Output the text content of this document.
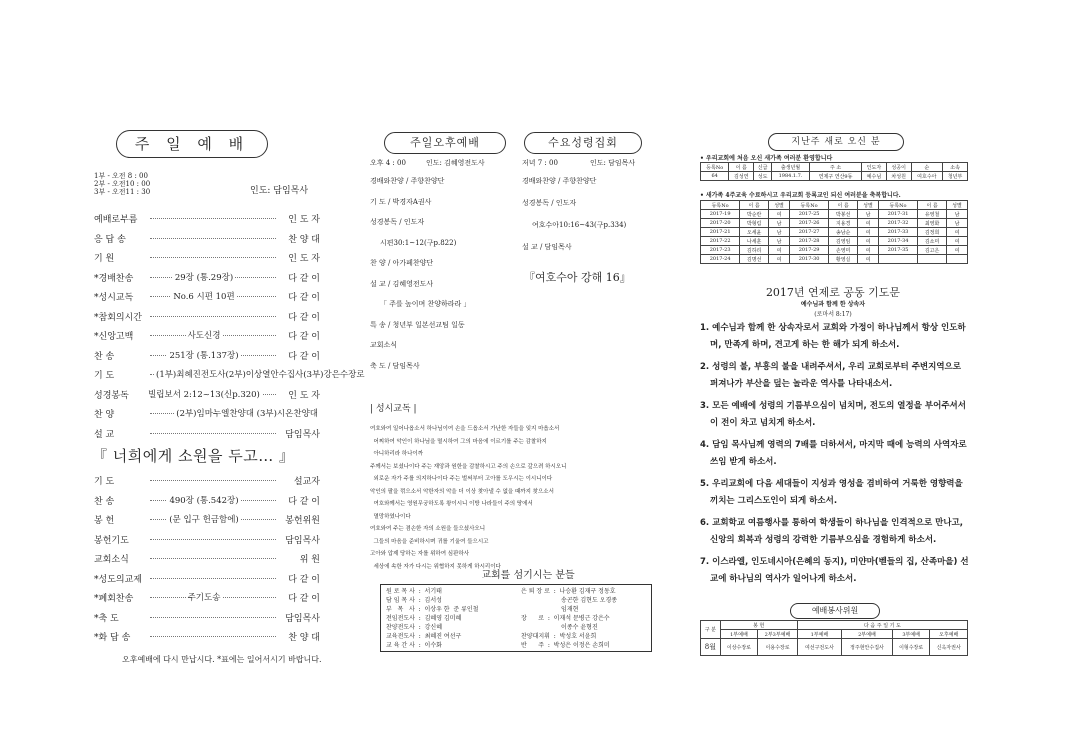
주 일 예 배
1부 - 오전 8 : 00
2부 - 오전10 : 00
3부 - 오전11 : 30	인도: 담임목사
예배로부름	인 도 자
응 답 송	찬 양 대
기 원	인 도 자
*경배찬송	29장 (통.29장)	다 같 이
*성시교독	No.6 시편 10편	다 같 이
*참회의시간	다 같 이
*신앙고백	사도신경	다 같 이
찬 송	251장 (통.137장)	다 같 이
기 도	(1부)최혜진전도사(2부)이상열안수집사(3부)강은수장로
성경봉독	빌립보서 2:12~13(신p.320)	인 도 자
찬 양	(2부)임마누엘찬양대 (3부)시온찬양대
설 교	담임목사
『 너희에게 소원을 두고… 』
기 도	설교자
찬 송	490장 (통.542장)	다 같 이
봉 헌	(문 입구 헌금함에)	봉헌위원
봉헌기도	담임목사
교회소식	위 원
*성도의교제	다 같 이
*폐회찬송	주기도송	다 같 이
*축 도	담임목사
*화 답 송	찬 양 대
오후예배에 다시 만납시다. *표에는 일어서시기 바랍니다.
주일오후예배
오후 4 : 00	인도: 김혜영전도사
경배와찬양 / 주향찬양단
기 도 / 박경자A권사
성경봉독 / 인도자
시편30:1~12(구p.822)
찬 양 / 아가페찬양단
설 교 / 김혜영전도사
「 주를 높이며 찬양하라라 」
특 송 / 청년부 일본선교팀 일동
교회소식
축 도 / 담임목사
| 성시교독 |
여호와여 일어나옵소서 하나님이여 손을 드옵소서 가난한 자들을 잊지 마옵소서
어찌하여 악인이 하나님을 멸시하여 그의 마음에 이르기를 주는 감찰하지
아니하리라 하나이까
주께서는 보셨나이다 주는 재앙과 원한을 감찰하시고 주의 손으로 갚으려 하시오니
외로운 자가 주를 의지하나이다 주는 벌써부터 고아를 도우시는 이시니이다
악인의 팔을 꺾으소서 악한자의 악을 더 이상 찾아낼 수 없을 때까지 찾으소서
여호와께서는 영원무궁하도록 왕이시니 이방 나라들이 주의 땅에서
멸망하였나이다
여호와여 주는 겸손한 자의 소원을 들으셨사오니
그들의 마음을 준비하시며 귀를 기울여 들으시고
고아와 압제 당하는 자를 위하여 심판하사
세상에 속한 자가 다시는 위협하지 못하게 하시리이다
교회를 섬기시는 분들
원 로 목 사  :  서기태
담 임 목 사  :  김서성
부   목   사  :  이상우 한  준 류인철
전임전도사  :  김혜영 김미혜
찬양전도사  :  강신혜
교육전도사  :  최혜진 여선구
교 육 간 사  :  이수화
은 퇴 장 로  :  나승환 김재구 정동호
송곤한 김현도 오경종
임재현
장      로  :  이재석 문병근 강은수
이종수 윤형진
찬양대지휘  :  박성호 서윤희
반      주  :  박성은 이정은 손희미
수요성령집회
저녁 7 : 00	인도: 담임목사
경배와찬양 / 주향찬양단
성경봉독 / 인도자
여호수아10:16~43(구p.334)
설 교 / 담임목사
『여호수아 강해 16』
지난주 새로 오신 분
• 우리교회에 처음 오신 새가족 여러분 환영합니다
등록No	이 름	신급	출생년월	주 소	인도자	성공이	순	소속
64	김성연	성도	1984.1.7.	연제구 연산9동	예수님	차성원	여호수아	청년부
• 새가족 4주교육 수료하시고 우리교회 등록교인 되신 여러분을 축복합니다.
등록No	이 름	성별	등록No	이 름	성별	등록No	이 름	성별
2017-19	박순란	여	2017-25	박봉선	남	2017-31	유영철	남
2017-20	박형림	남	2017-26	지용경	여	2017-32	최영화	남
2017-21	오세윤	남	2017-27	송남순	여	2017-33	김정희	여
2017-22	나세훈	남	2017-28	김영임	여	2017-34	김소미	여
2017-23	김하리	여	2017-29	손영미	여	2017-35	김고은	여
2017-24	김명선	여	2017-30	황영실	여			
2017년 연제로 공동 기도문
예수님과 함께 한 상속자
(로마서 8:17)

1. 예수님과 함께 한 상속자로서 교회와 가정이 하나님께서 항상 인도하며, 만족게 하며, 견고게 하는 한 해가 되게 하소서.

2. 성령의 불, 부흥의 불을 내려주셔서, 우리 교회로부터 주변지역으로 퍼져나가 부산을 덮는 놀라운 역사를 나타내소서.

3. 모든 예배에 성령의 기름부으심이 넘치며, 전도의 열정을 부어주셔서 이 전이 차고 넘치게 하소서.

4. 담임 목사님께 영력의 7배를 더하셔서, 마지막 때에 능력의 사역자로 쓰임 받게 하소서.

5. 우리교회에 다음 세대들이 지성과 영성을 겸비하여 거룩한 영향력을 끼치는 그리스도인이 되게 하소서.

6. 교회학교 여름행사를 통하여 학생들이 하나님을 인격적으로 만나고, 신앙의 회복과 성령의 강력한 기름부으심을 경험하게 하소서.

7. 이스라엘, 인도네시아(은혜의 동지), 미얀마(벧들의 집, 산족마을) 선교에 하나님의 역사가 일어나게 하소서.

예배봉사위원
구 분	봉 헌		다 음 주 일 기 도			
	1부예배	2부3부예배	1부예배	2부예배	3부예배	오후예배
8월	이상수장로	이용수장로	여선구전도사	정주현안수집사	이형수장로	신옥자권사
